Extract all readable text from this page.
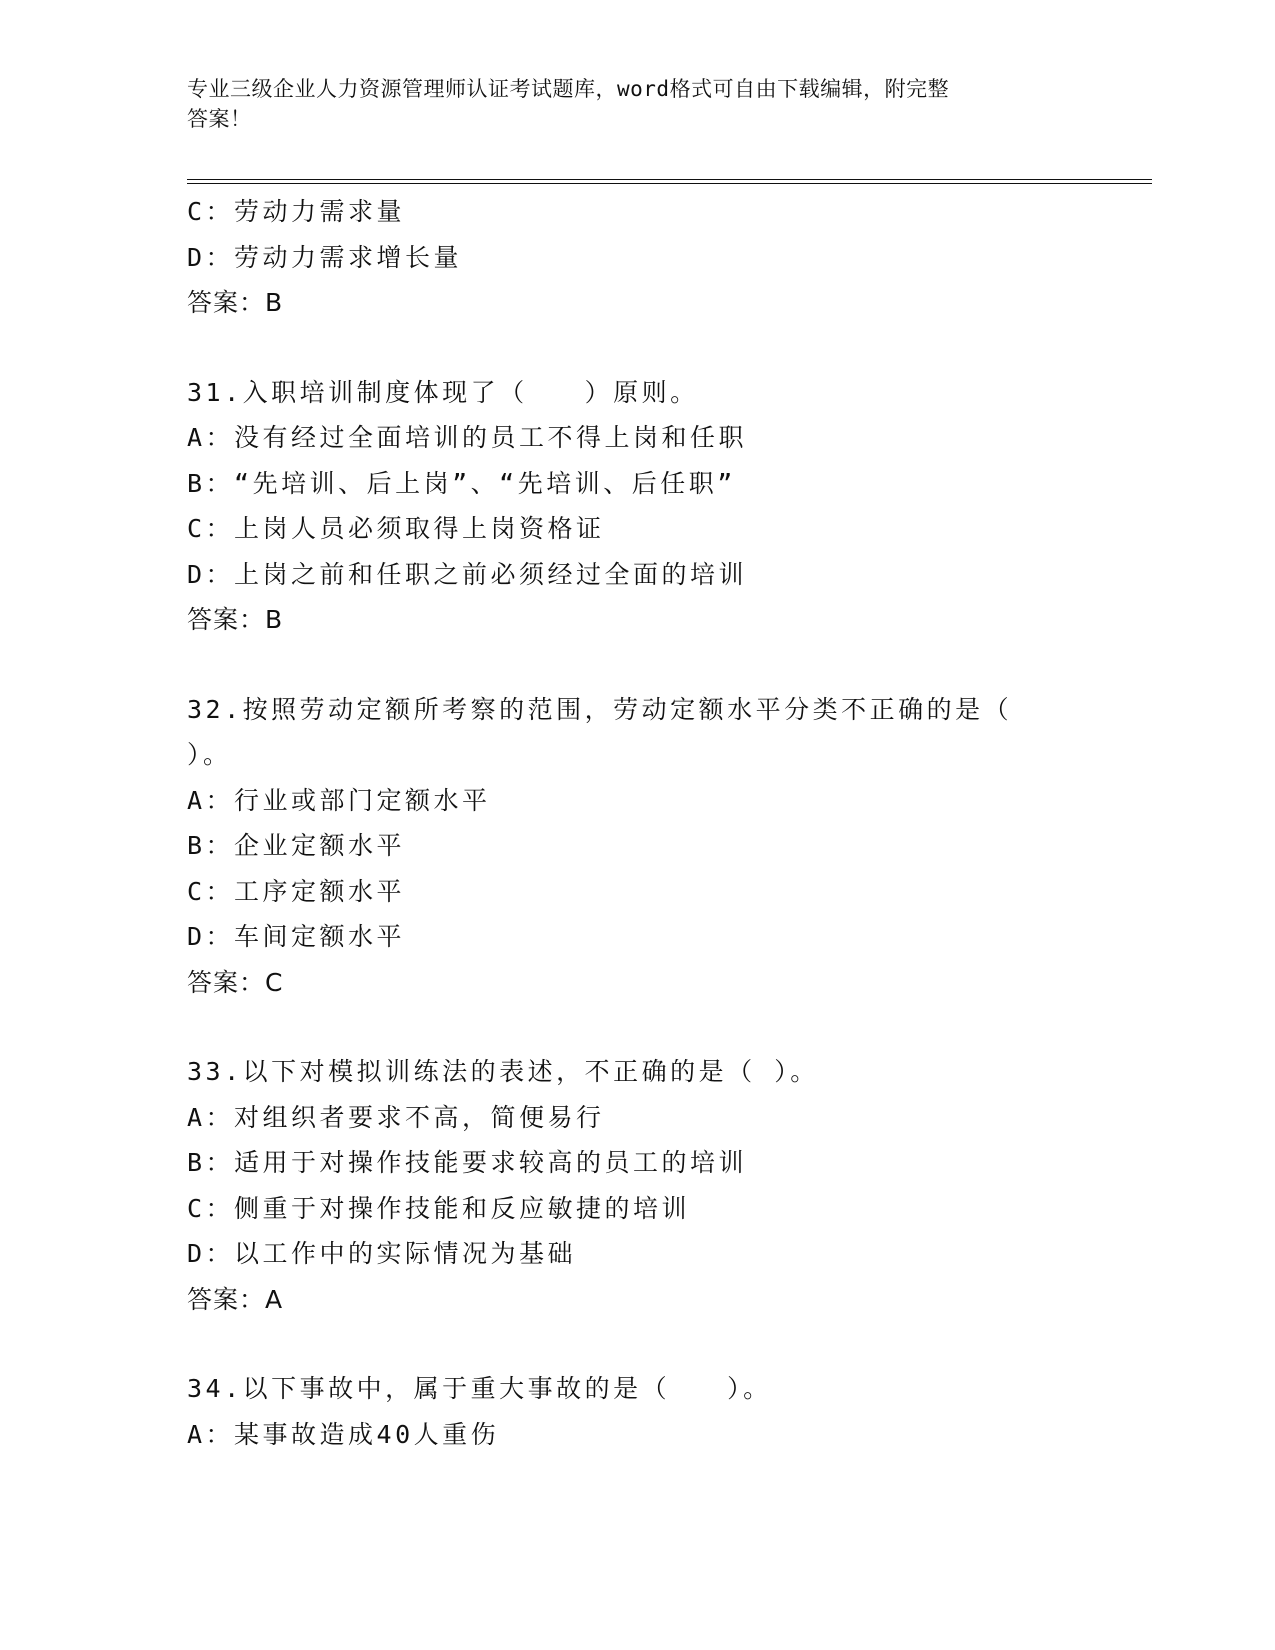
专业三级企业人力资源管理师认证考试题库，word格式可自由下载编辑，附完整
答案！
C：劳动力需求量
D：劳动力需求增长量
答案：B
31.入职培训制度体现了（　　）原则。
A：没有经过全面培训的员工不得上岗和任职
B：“先培训、后上岗”、“先培训、后任职”
C：上岗人员必须取得上岗资格证
D：上岗之前和任职之前必须经过全面的培训
答案：B
32.按照劳动定额所考察的范围，劳动定额水平分类不正确的是（
）。
A：行业或部门定额水平
B：企业定额水平
C：工序定额水平
D：车间定额水平
答案：C
33.以下对模拟训练法的表述，不正确的是（ ）。
A：对组织者要求不高，简便易行
B：适用于对操作技能要求较高的员工的培训
C：侧重于对操作技能和反应敏捷的培训
D：以工作中的实际情况为基础
答案：A
34.以下事故中，属于重大事故的是（　　）。
A：某事故造成40人重伤
